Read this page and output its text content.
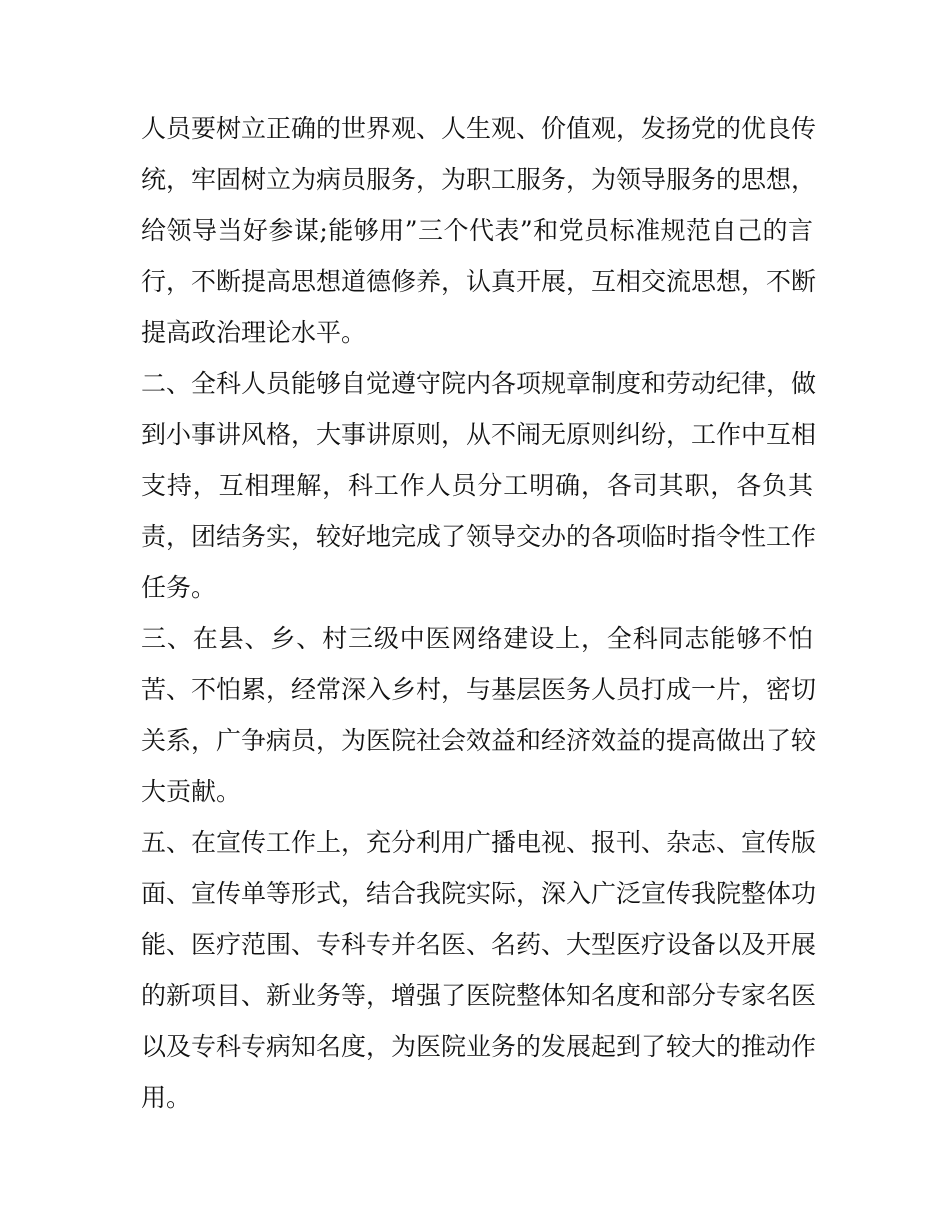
人员要树立正确的世界观、人生观、价值观，发扬党的优良传
统，牢固树立为病员服务，为职工服务，为领导服务的思想，
给领导当好参谋;能够用”三个代表”和党员标准规范自己的言
行，不断提高思想道德修养，认真开展，互相交流思想，不断
提高政治理论水平。
二、全科人员能够自觉遵守院内各项规章制度和劳动纪律，做
到小事讲风格，大事讲原则，从不闹无原则纠纷，工作中互相
支持，互相理解，科工作人员分工明确，各司其职，各负其
责，团结务实，较好地完成了领导交办的各项临时指令性工作
任务。
三、在县、乡、村三级中医网络建设上，全科同志能够不怕
苦、不怕累，经常深入乡村，与基层医务人员打成一片，密切
关系，广争病员，为医院社会效益和经济效益的提高做出了较
大贡献。
五、在宣传工作上，充分利用广播电视、报刊、杂志、宣传版
面、宣传单等形式，结合我院实际，深入广泛宣传我院整体功
能、医疗范围、专科专并名医、名药、大型医疗设备以及开展
的新项目、新业务等，增强了医院整体知名度和部分专家名医
以及专科专病知名度，为医院业务的发展起到了较大的推动作
用。
